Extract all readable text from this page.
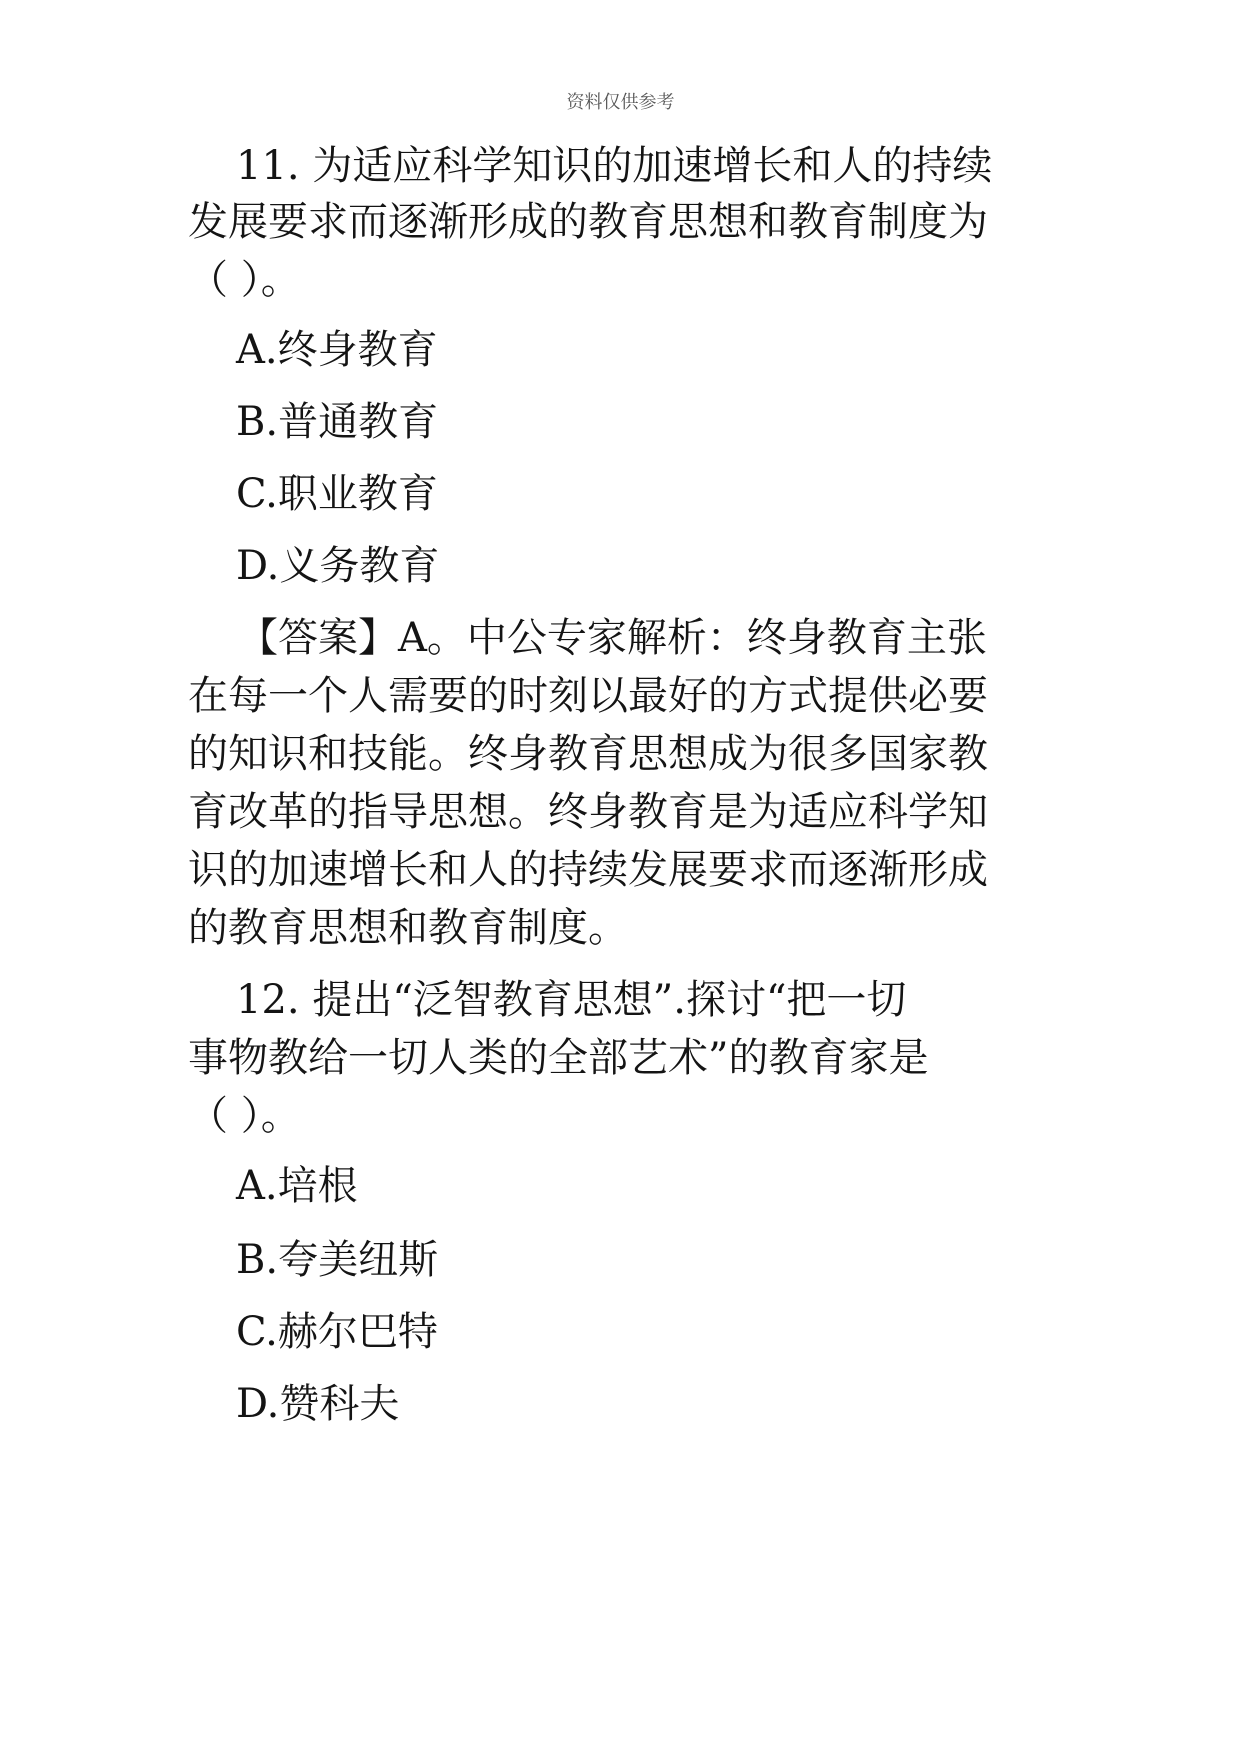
资料仅供参考
11. 为适应科学知识的加速增长和人的持续
发展要求而逐渐形成的教育思想和教育制度为
（ ）。
A.终身教育
B.普通教育
C.职业教育
D.义务教育
【答案】A。中公专家解析：终身教育主张
在每一个人需要的时刻以最好的方式提供必要
的知识和技能。终身教育思想成为很多国家教
育改革的指导思想。终身教育是为适应科学知
识的加速增长和人的持续发展要求而逐渐形成
的教育思想和教育制度。
12. 提出“泛智教育思想”.探讨“把一切
事物教给一切人类的全部艺术”的教育家是
（ ）。
A.培根
B.夸美纽斯
C.赫尔巴特
D.赞科夫
